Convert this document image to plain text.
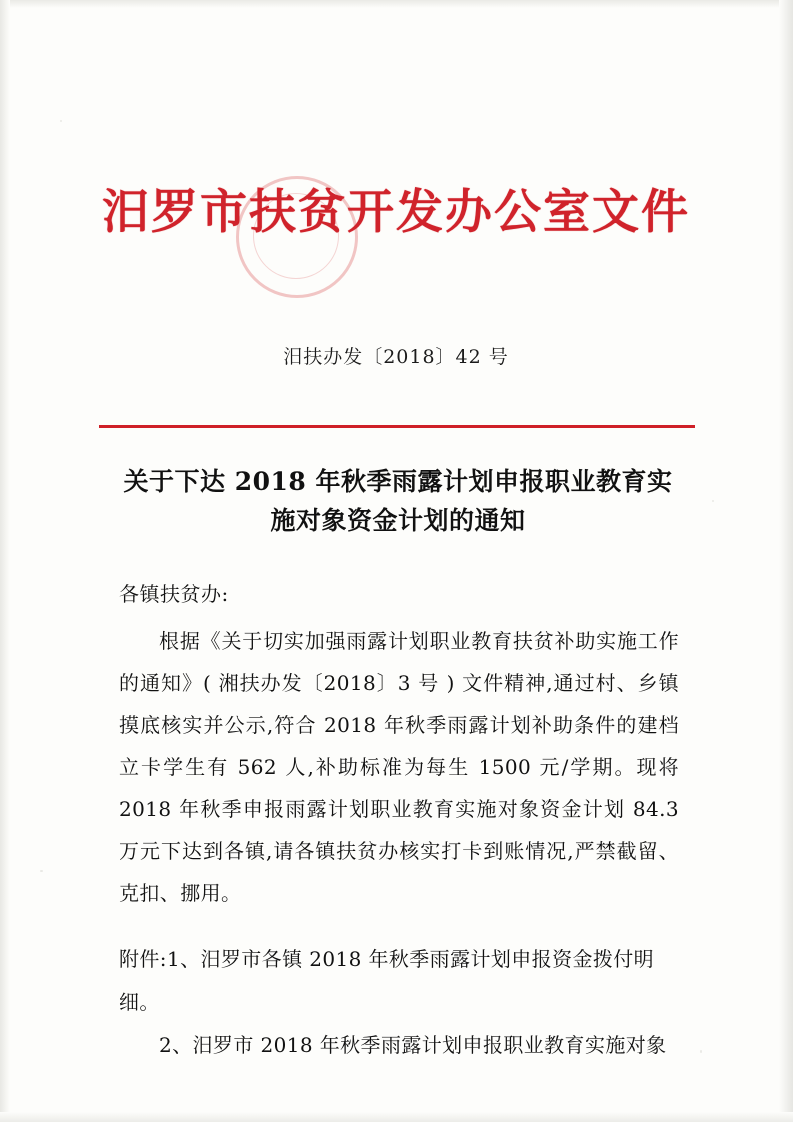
汨罗市扶贫开发办公室文件
汨扶办发〔2018〕42 号
关于下达 2018 年秋季雨露计划申报职业教育实施对象资金计划的通知
各镇扶贫办:
根据《关于切实加强雨露计划职业教育扶贫补助实施工作的通知》( 湘扶办发〔2018〕3 号 ) 文件精神,通过村、乡镇摸底核实并公示,符合 2018 年秋季雨露计划补助条件的建档立卡学生有 562 人,补助标准为每生 1500 元/学期。现将 2018 年秋季申报雨露计划职业教育实施对象资金计划 84.3 万元下达到各镇,请各镇扶贫办核实打卡到账情况,严禁截留、克扣、挪用。
附件:1、汨罗市各镇 2018 年秋季雨露计划申报资金拨付明细。
2、汨罗市 2018 年秋季雨露计划申报职业教育实施对象
